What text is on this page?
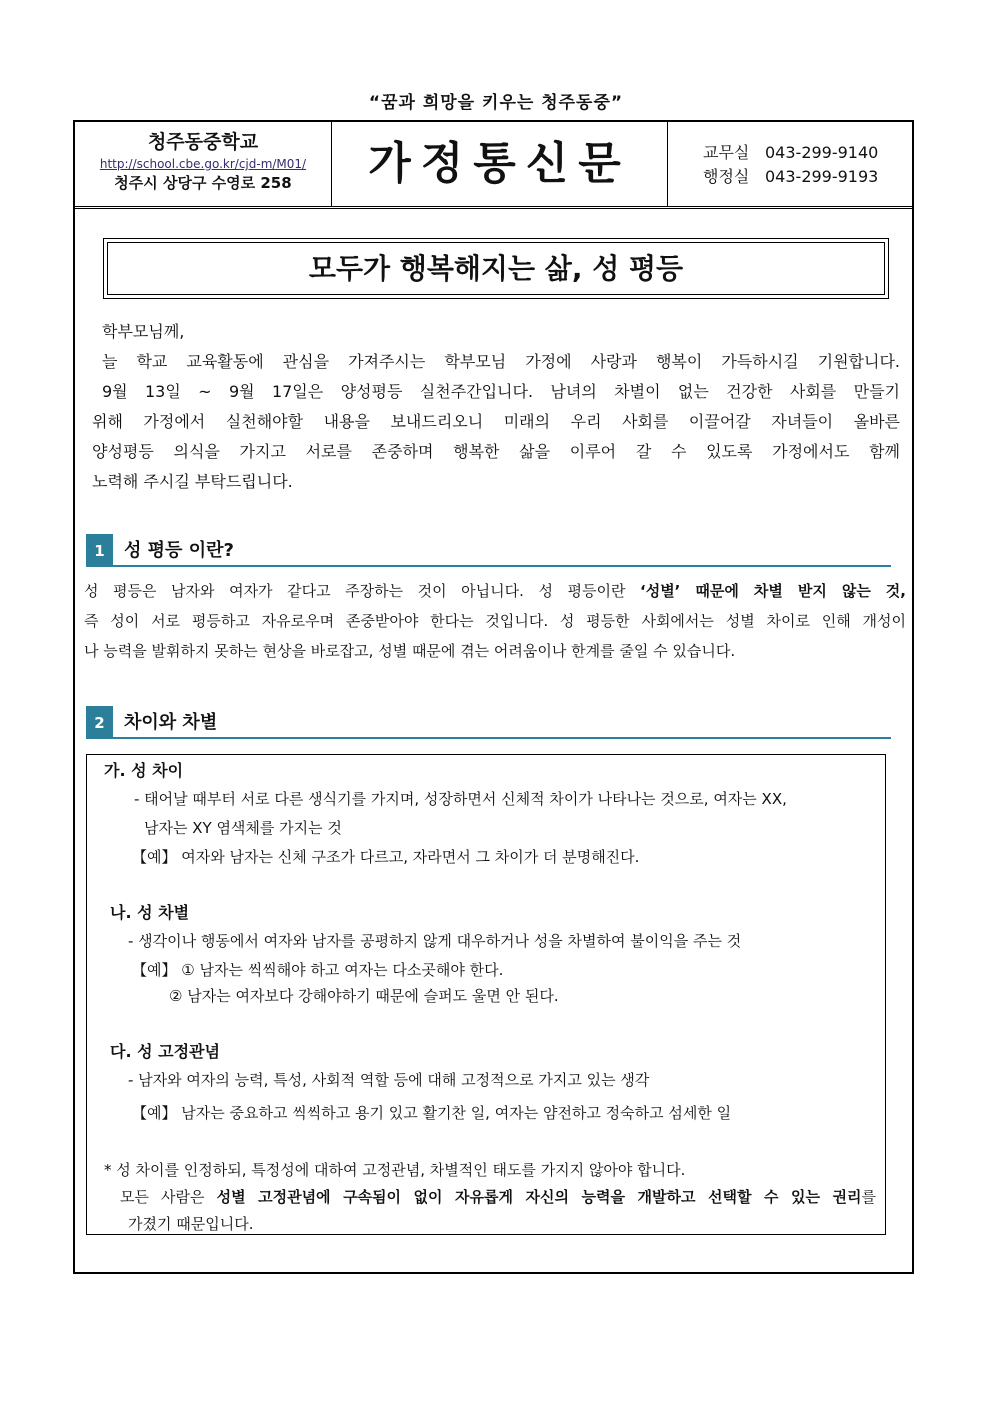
“꿈과 희망을 키우는 청주동중”
청주동중학교
http://school.cbe.go.kr/cjd-m/M01/
청주시 상당구 수영로 258	가정통신문	교무실 043-299-9140
행정실 043-299-9193
모두가 행복해지는 삶, 성 평등

학부모님께,

늘 학교 교육활동에 관심을 가져주시는 학부모님 가정에 사랑과 행복이 가득하시길 기원합니다.

9월 13일 ~ 9월 17일은 양성평등 실천주간입니다. 남녀의 차별이 없는 건강한 사회를 만들기

위해 가정에서 실천해야할 내용을 보내드리오니 미래의 우리 사회를 이끌어갈 자녀들이 올바른

양성평등 의식을 가지고 서로를 존중하며 행복한 삶을 이루어 갈 수 있도록 가정에서도 함께

노력해 주시길 부탁드립니다.

1	성 평등 이란?

성 평등은 남자와 여자가 같다고 주장하는 것이 아닙니다. 성 평등이란 ‘성별’ 때문에 차별 받지 않는 것,

즉 성이 서로 평등하고 자유로우며 존중받아야 한다는 것입니다. 성 평등한 사회에서는 성별 차이로 인해 개성이

나 능력을 발휘하지 못하는 현상을 바로잡고, 성별 때문에 겪는 어려움이나 한계를 줄일 수 있습니다.

2	차이와 차별
가. 성 차이
- 태어날 때부터 서로 다른 생식기를 가지며, 성장하면서 신체적 차이가 나타나는 것으로, 여자는 XX,
남자는 XY 염색체를 가지는 것
【예】 여자와 남자는 신체 구조가 다르고, 자라면서 그 차이가 더 분명해진다.
나. 성 차별
- 생각이나 행동에서 여자와 남자를 공평하지 않게 대우하거나 성을 차별하여 불이익을 주는 것
【예】 ① 남자는 씩씩해야 하고 여자는 다소곳해야 한다.
② 남자는 여자보다 강해야하기 때문에 슬퍼도 울면 안 된다.
다. 성 고정관념
- 남자와 여자의 능력, 특성, 사회적 역할 등에 대해 고정적으로 가지고 있는 생각
【예】 남자는 중요하고 씩씩하고 용기 있고 활기찬 일, 여자는 얌전하고 정숙하고 섬세한 일
* 성 차이를 인정하되, 특정성에 대하여 고정관념, 차별적인 태도를 가지지 않아야 합니다.
모든 사람은 성별 고정관념에 구속됨이 없이 자유롭게 자신의 능력을 개발하고 선택할 수 있는 권리를
가졌기 때문입니다.
